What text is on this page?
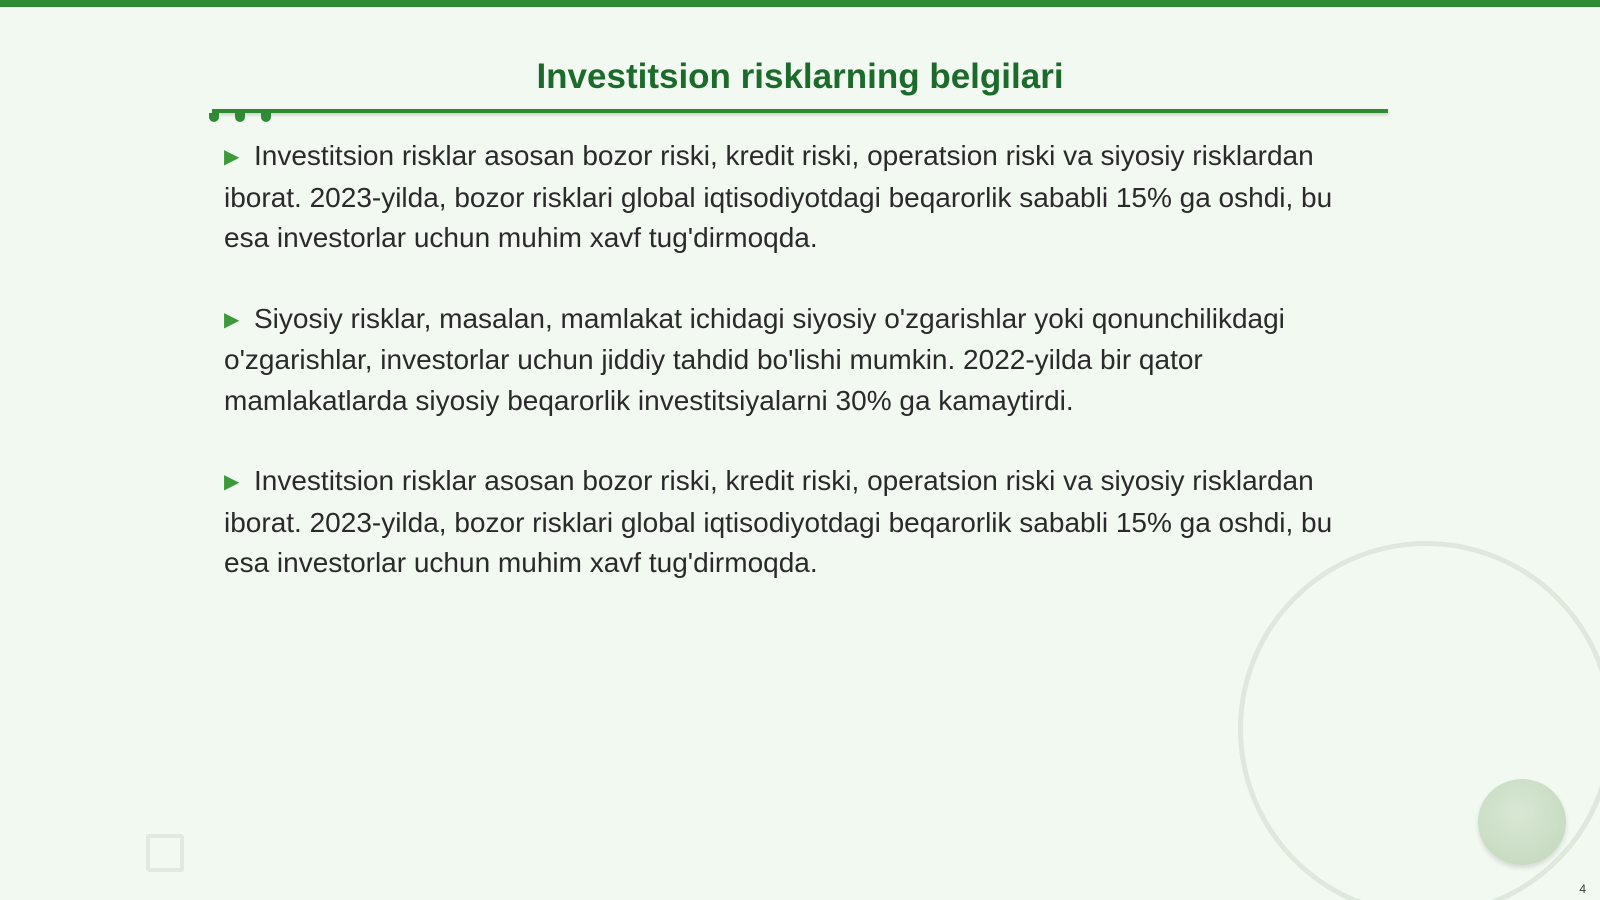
Investitsion risklarning belgilari
▶ Investitsion risklar asosan bozor riski, kredit riski, operatsion riski va siyosiy risklardan iborat. 2023-yilda, bozor risklari global iqtisodiyotdagi beqarorlik sababli 15% ga oshdi, bu esa investorlar uchun muhim xavf tug'dirmoqda.
▶ Siyosiy risklar, masalan, mamlakat ichidagi siyosiy o'zgarishlar yoki qonunchilikdagi o'zgarishlar, investorlar uchun jiddiy tahdid bo'lishi mumkin. 2022-yilda bir qator mamlakatlarda siyosiy beqarorlik investitsiyalarni 30% ga kamaytirdi.
▶ Investitsion risklar asosan bozor riski, kredit riski, operatsion riski va siyosiy risklardan iborat. 2023-yilda, bozor risklari global iqtisodiyotdagi beqarorlik sababli 15% ga oshdi, bu esa investorlar uchun muhim xavf tug'dirmoqda.
4
